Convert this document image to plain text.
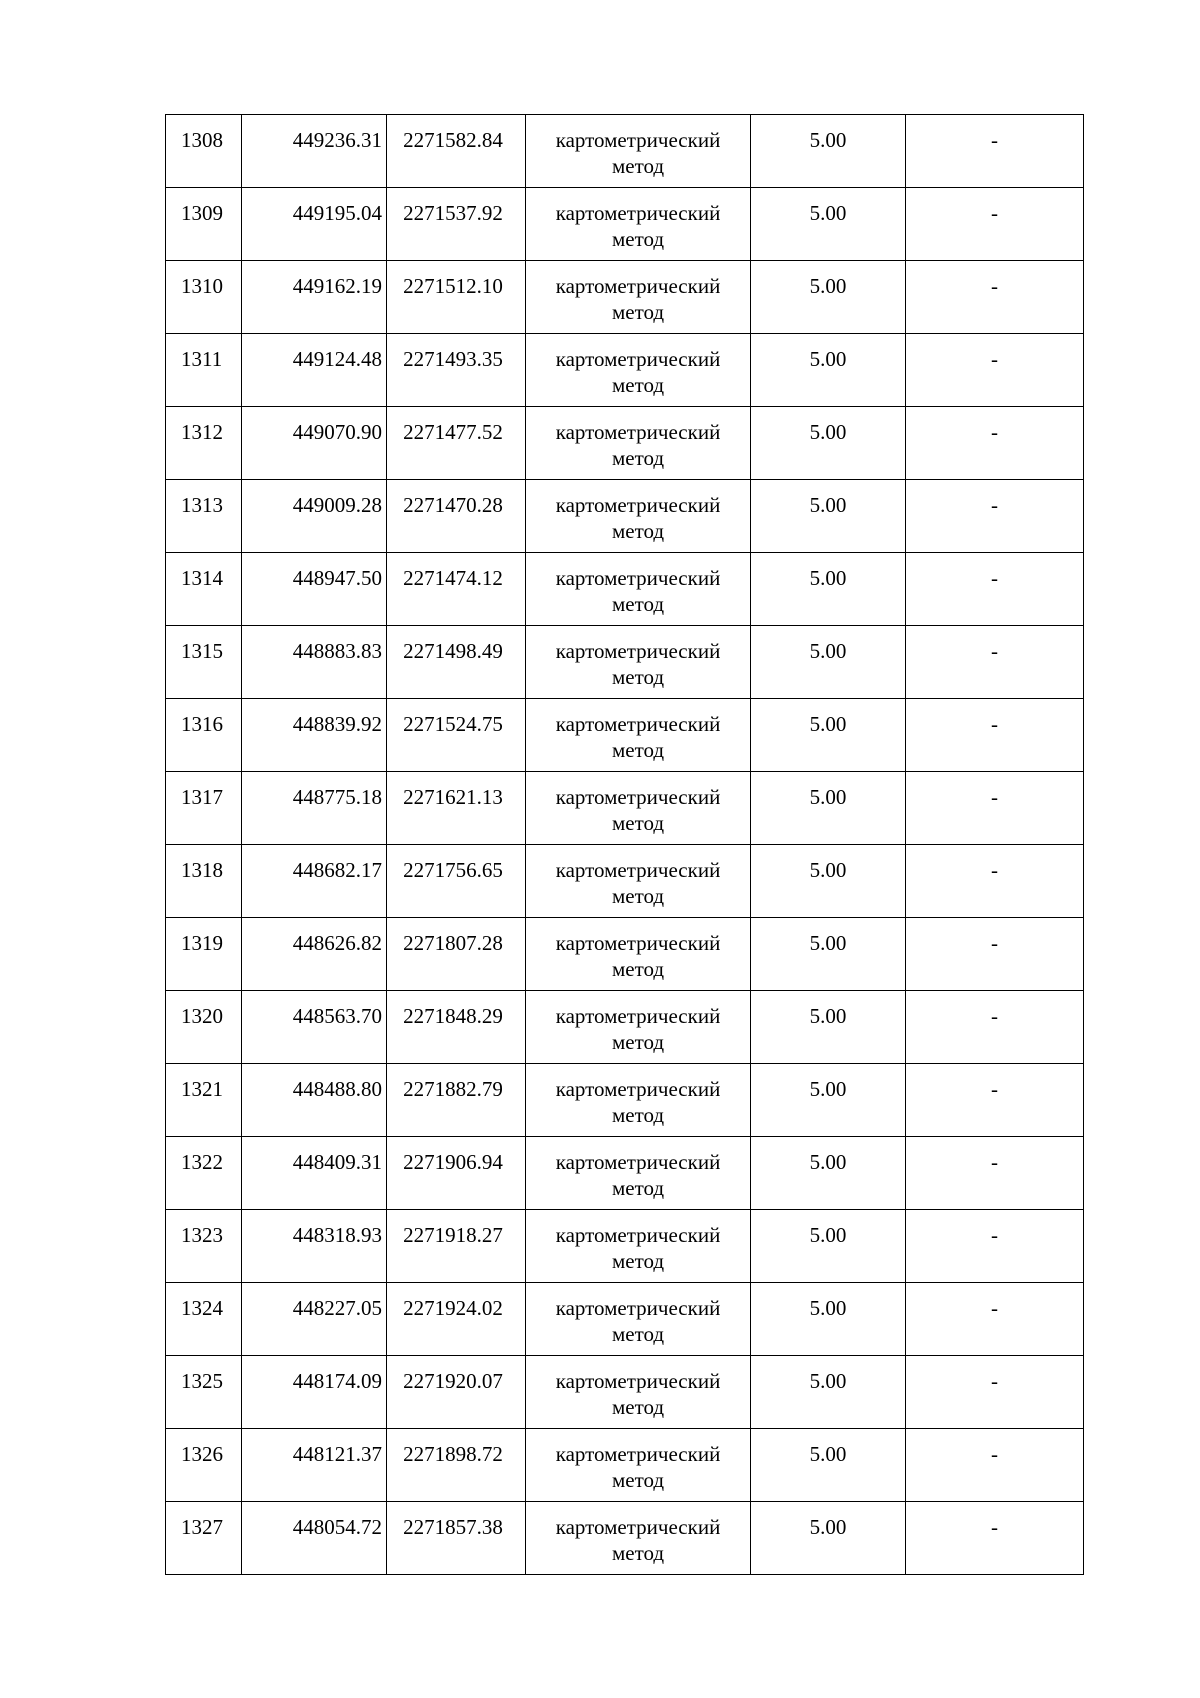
1308	449236.31	2271582.84	картометрический метод	5.00	-

1309	449195.04	2271537.92	картометрический метод	5.00	-

1310	449162.19	2271512.10	картометрический метод	5.00	-

1311	449124.48	2271493.35	картометрический метод	5.00	-

1312	449070.90	2271477.52	картометрический метод	5.00	-

1313	449009.28	2271470.28	картометрический метод	5.00	-

1314	448947.50	2271474.12	картометрический метод	5.00	-

1315	448883.83	2271498.49	картометрический метод	5.00	-

1316	448839.92	2271524.75	картометрический метод	5.00	-

1317	448775.18	2271621.13	картометрический метод	5.00	-

1318	448682.17	2271756.65	картометрический метод	5.00	-

1319	448626.82	2271807.28	картометрический метод	5.00	-

1320	448563.70	2271848.29	картометрический метод	5.00	-

1321	448488.80	2271882.79	картометрический метод	5.00	-

1322	448409.31	2271906.94	картометрический метод	5.00	-

1323	448318.93	2271918.27	картометрический метод	5.00	-

1324	448227.05	2271924.02	картометрический метод	5.00	-

1325	448174.09	2271920.07	картометрический метод	5.00	-

1326	448121.37	2271898.72	картометрический метод	5.00	-

1327	448054.72	2271857.38	картометрический метод	5.00	-
